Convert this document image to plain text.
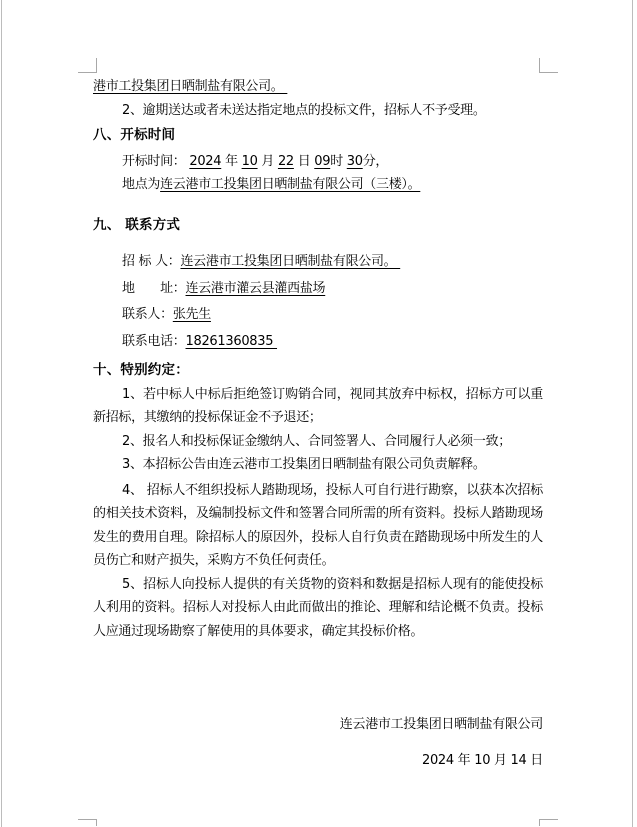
港市工投集团日晒制盐有限公司。
2、逾期送达或者未送达指定地点的投标文件，招标人不予受理。
八、开标时间
开标时间： 2024 年 10 月 22 日 09时 30分，
地点为连云港市工投集团日晒制盐有限公司（三楼）。
九、 联系方式
招 标 人：连云港市工投集团日晒制盐有限公司。
地　　址：连云港市灌云县灌西盐场
联系人：张先生
联系电话：18261360835
十、特别约定：
1、若中标人中标后拒绝签订购销合同，视同其放弃中标权，招标方可以重
新招标，其缴纳的投标保证金不予退还；
2、报名人和投标保证金缴纳人、合同签署人、合同履行人必须一致；
3、本招标公告由连云港市工投集团日晒制盐有限公司负责解释。
4、 招标人不组织投标人踏勘现场，投标人可自行进行勘察，以获本次招标
的相关技术资料，及编制投标文件和签署合同所需的所有资料。投标人踏勘现场
发生的费用自理。除招标人的原因外，投标人自行负责在踏勘现场中所发生的人
员伤亡和财产损失，采购方不负任何责任。
5、招标人向投标人提供的有关货物的资料和数据是招标人现有的能使投标
人利用的资料。招标人对投标人由此而做出的推论、理解和结论概不负责。投标
人应通过现场勘察了解使用的具体要求，确定其投标价格。
连云港市工投集团日晒制盐有限公司
2024 年 10 月 14 日
